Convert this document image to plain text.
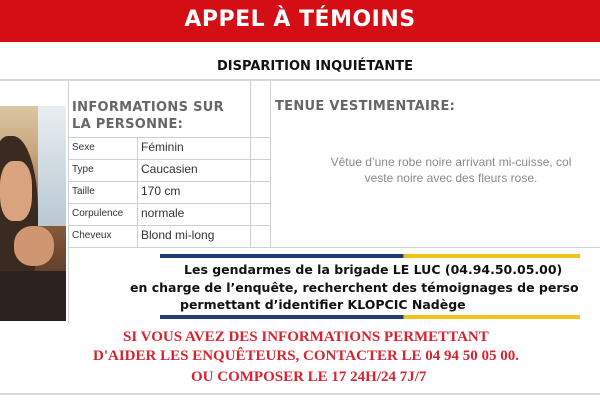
APPEL À TÉMOINS
DISPARITION INQUIÉTANTE
INFORMATIONS SUR
LA PERSONNE:
TENUE VESTIMENTAIRE:
Sexe	Féminin
Type	Caucasien
Taille	170 cm
Corpulence normale
Cheveux Blond mi-long
Vêtue d’une robe noire arrivant mi-cuisse, col
veste noire avec des fleurs rose.
Les gendarmes de la brigade LE LUC (04.94.50.05.00)
en charge de l’enquête, recherchent des témoignages de perso
permettant d’identifier KLOPCIC Nadège
SI VOUS AVEZ DES INFORMATIONS PERMETTANT
D'AIDER LES ENQUÊTEURS, CONTACTER LE 04 94 50 05 00.
OU COMPOSER LE 17 24H/24 7J/7
